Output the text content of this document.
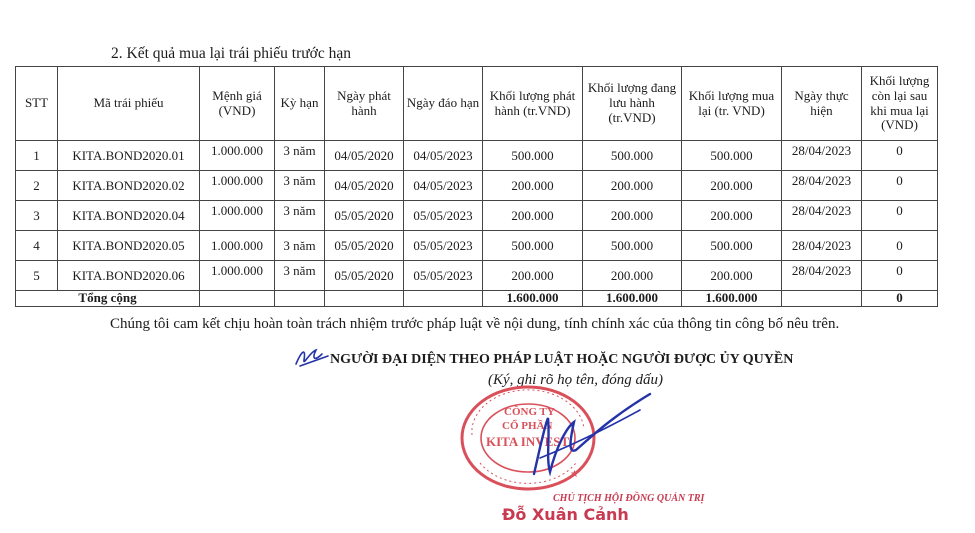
2. Kết quả mua lại trái phiếu trước hạn
STT	Mã trái phiếu	Mệnh giá (VND)	Kỳ hạn	Ngày phát hành	Ngày đáo hạn	Khối lượng phát hành (tr.VND)	Khối lượng đang lưu hành (tr.VND)	Khối lượng mua lại (tr. VND)	Ngày thực hiện	Khối lượng còn lại sau khi mua lại (VND)
1	KITA.BOND2020.01	1.000.000	3 năm	04/05/2020	04/05/2023	500.000	500.000	500.000	28/04/2023	0
2	KITA.BOND2020.02	1.000.000	3 năm	04/05/2020	04/05/2023	200.000	200.000	200.000	28/04/2023	0
3	KITA.BOND2020.04	1.000.000	3 năm	05/05/2020	05/05/2023	200.000	200.000	200.000	28/04/2023	0
4	KITA.BOND2020.05	1.000.000	3 năm	05/05/2020	05/05/2023	500.000	500.000	500.000	28/04/2023	0
5	KITA.BOND2020.06	1.000.000	3 năm	05/05/2020	05/05/2023	200.000	200.000	200.000	28/04/2023	0
Tổng cộng						1.600.000	1.600.000	1.600.000		0
Chúng tôi cam kết chịu hoàn toàn trách nhiệm trước pháp luật về nội dung, tính chính xác của thông tin công bố nêu trên.
NGƯỜI ĐẠI DIỆN THEO PHÁP LUẬT HOẶC NGƯỜI ĐƯỢC ỦY QUYỀN
(Ký, ghi rõ họ tên, đóng dấu)
★
CÔNG TY
CỔ PHẦN
KITA INVEST
CHỦ TỊCH HỘI ĐỒNG QUẢN TRỊ
Đỗ Xuân Cảnh
